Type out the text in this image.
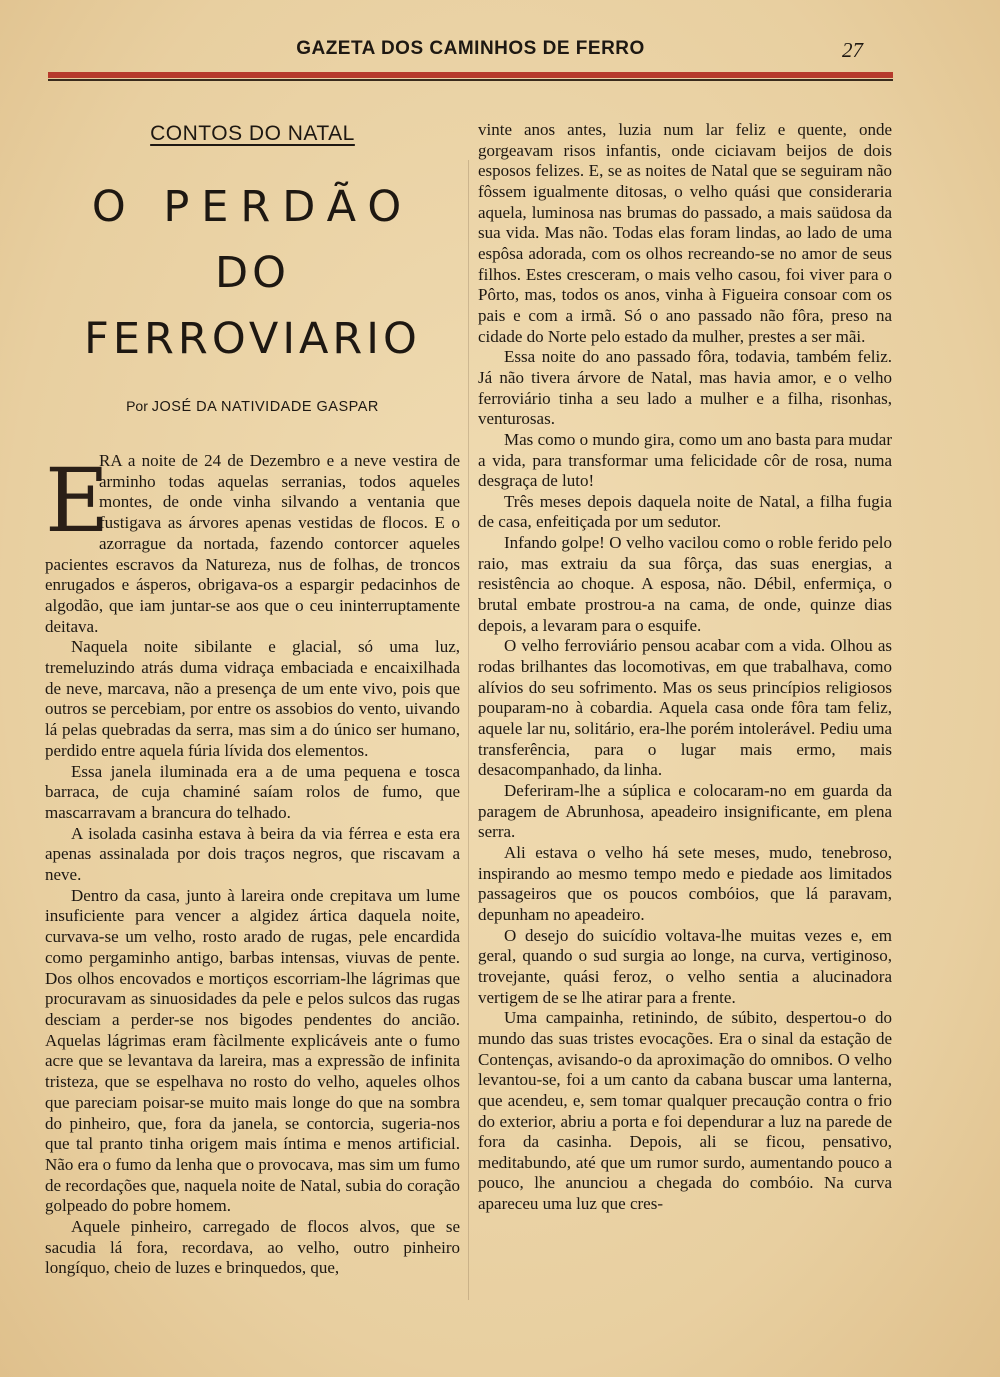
GAZETA DOS CAMINHOS DE FERRO	27
CONTOS DO NATAL
O PERDÃO
DO FERROVIARIO
Por JOSÉ DA NATIVIDADE GASPAR

E
RA a noite de 24 de Dezembro e a neve vestira de arminho todas aquelas serranias, todos aqueles montes, de onde vinha silvando a ventania que fustigava as árvores apenas vestidas de flocos. E o azorrague da nortada, fazendo contorcer aqueles pacientes escravos da Natureza, nus de folhas, de troncos enrugados e ásperos, obrigava-os a espargir pedacinhos de algodão, que iam juntar-se aos que o ceu ininterruptamente deitava.

Naquela noite sibilante e glacial, só uma luz, tremeluzindo atrás duma vidraça embaciada e encaixilhada de neve, marcava, não a presença de um ente vivo, pois que outros se percebiam, por entre os assobios do vento, uivando lá pelas quebradas da serra, mas sim a do único ser humano, perdido entre aquela fúria lívida dos elementos.

Essa janela iluminada era a de uma pequena e tosca barraca, de cuja chaminé saíam rolos de fumo, que mascarravam a brancura do telhado.

A isolada casinha estava à beira da via férrea e esta era apenas assinalada por dois traços negros, que riscavam a neve.

Dentro da casa, junto à lareira onde crepitava um lume insuficiente para vencer a algidez ártica daquela noite, curvava-se um velho, rosto arado de rugas, pele encardida como pergaminho antigo, barbas intensas, viuvas de pente. Dos olhos encovados e mortiços escorriam-lhe lágrimas que procuravam as sinuosidades da pele e pelos sulcos das rugas desciam a perder-se nos bigodes pendentes do ancião. Aquelas lágrimas eram fàcilmente explicáveis ante o fumo acre que se levantava da lareira, mas a expressão de infinita tristeza, que se espelhava no rosto do velho, aqueles olhos que pareciam poisar-se muito mais longe do que na sombra do pinheiro, que, fora da janela, se contorcia, sugeria-nos que tal pranto tinha origem mais íntima e menos artificial. Não era o fumo da lenha que o provocava, mas sim um fumo de recordações que, naquela noite de Natal, subia do coração golpeado do pobre homem.

Aquele pinheiro, carregado de flocos alvos, que se sacudia lá fora, recordava, ao velho, outro pinheiro longíquo, cheio de luzes e brinquedos, que,

vinte anos antes, luzia num lar feliz e quente, onde gorgeavam risos infantis, onde ciciavam beijos de dois esposos felizes. E, se as noites de Natal que se seguiram não fôssem igualmente ditosas, o velho quási que consideraria aquela, luminosa nas brumas do passado, a mais saüdosa da sua vida. Mas não. Todas elas foram lindas, ao lado de uma espôsa adorada, com os olhos recreando-se no amor de seus filhos. Estes cresceram, o mais velho casou, foi viver para o Pôrto, mas, todos os anos, vinha à Figueira consoar com os pais e com a irmã. Só o ano passado não fôra, preso na cidade do Norte pelo estado da mulher, prestes a ser mãi.

Essa noite do ano passado fôra, todavia, também feliz. Já não tivera árvore de Natal, mas havia amor, e o velho ferroviário tinha a seu lado a mulher e a filha, risonhas, venturosas.

Mas como o mundo gira, como um ano basta para mudar a vida, para transformar uma felicidade côr de rosa, numa desgraça de luto!

Três meses depois daquela noite de Natal, a filha fugia de casa, enfeitiçada por um sedutor.

Infando golpe! O velho vacilou como o roble ferido pelo raio, mas extraiu da sua fôrça, das suas energias, a resistência ao choque. A esposa, não. Débil, enfermiça, o brutal embate prostrou-a na cama, de onde, quinze dias depois, a levaram para o esquife.

O velho ferroviário pensou acabar com a vida. Olhou as rodas brilhantes das locomotivas, em que trabalhava, como alívios do seu sofrimento. Mas os seus princípios religiosos pouparam-no à cobardia. Aquela casa onde fôra tam feliz, aquele lar nu, solitário, era-lhe porém intolerável. Pediu uma transferência, para o lugar mais ermo, mais desacompanhado, da linha.

Deferiram-lhe a súplica e colocaram-no em guarda da paragem de Abrunhosa, apeadeiro insignificante, em plena serra.

Ali estava o velho há sete meses, mudo, tenebroso, inspirando ao mesmo tempo medo e piedade aos limitados passageiros que os poucos combóios, que lá paravam, depunham no apeadeiro.

O desejo do suicídio voltava-lhe muitas vezes e, em geral, quando o sud surgia ao longe, na curva, vertiginoso, trovejante, quási feroz, o velho sentia a alucinadora vertigem de se lhe atirar para a frente.

Uma campainha, retinindo, de súbito, despertou-o do mundo das suas tristes evocações. Era o sinal da estação de Contenças, avisando-o da aproximação do omnibos. O velho levantou-se, foi a um canto da cabana buscar uma lanterna, que acendeu, e, sem tomar qualquer precaução contra o frio do exterior, abriu a porta e foi dependurar a luz na parede de fora da casinha. Depois, ali se ficou, pensativo, meditabundo, até que um rumor surdo, aumentando pouco a pouco, lhe anunciou a chegada do combóio. Na curva apareceu uma luz que cres-
